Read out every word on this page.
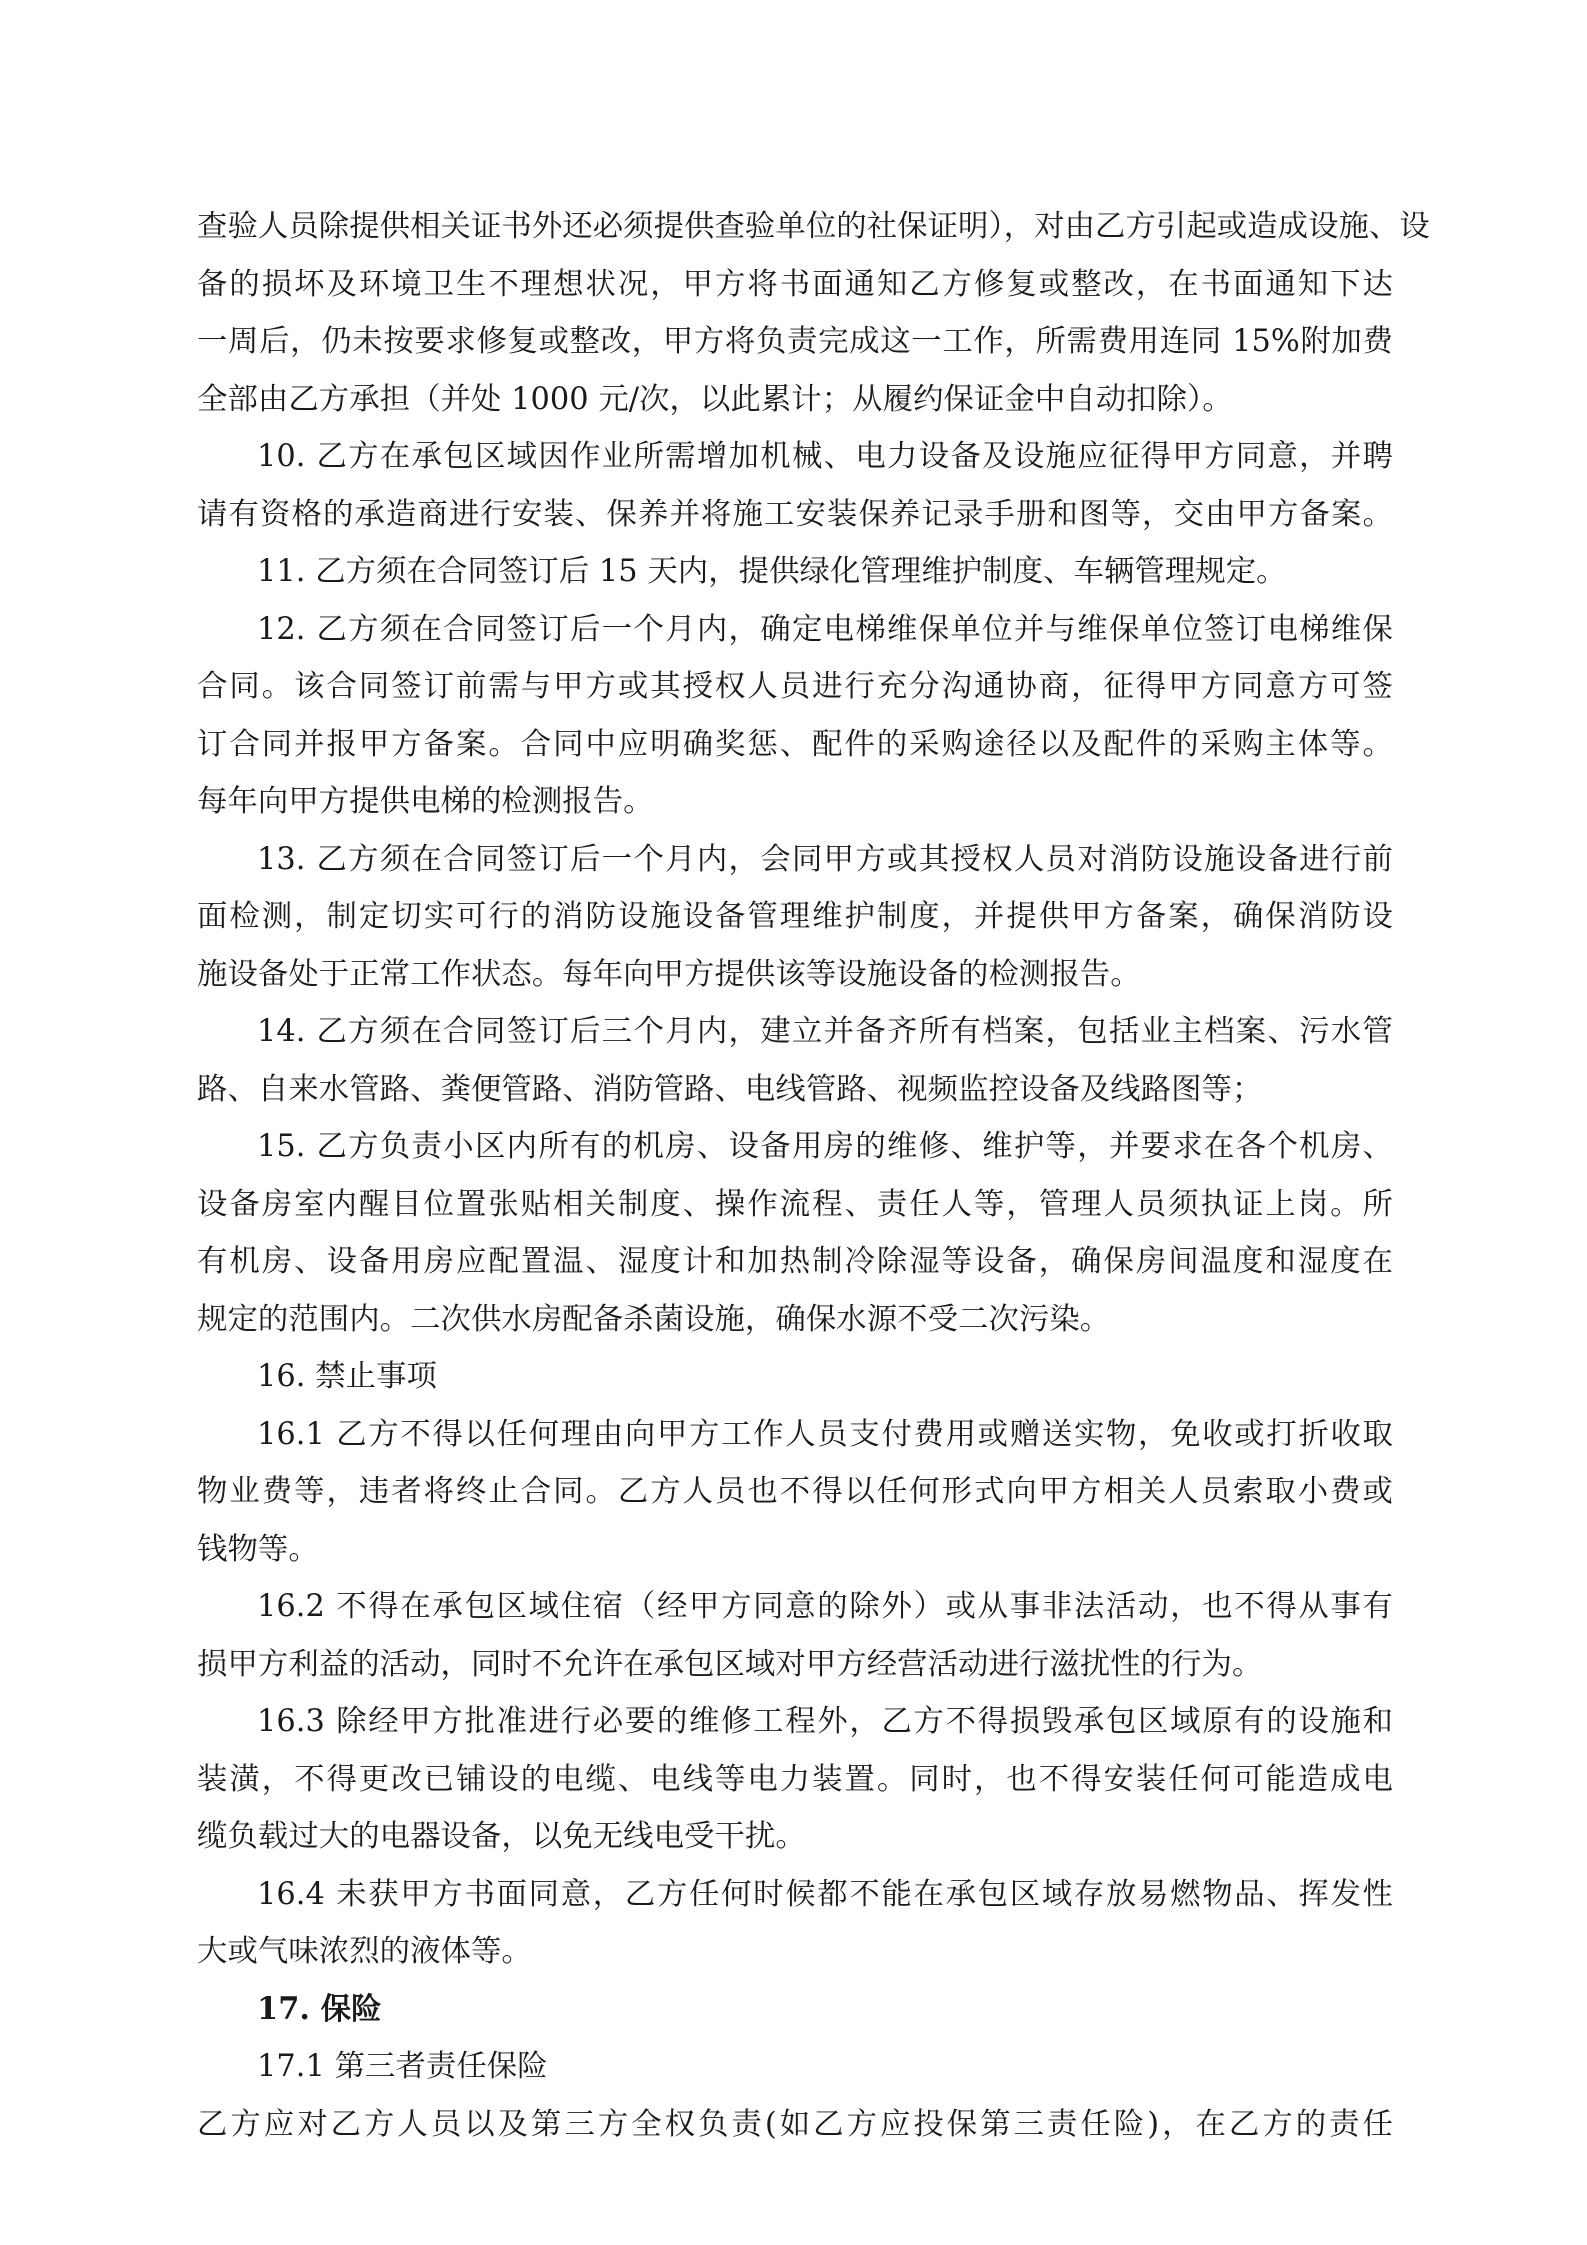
查验人员除提供相关证书外还必须提供查验单位的社保证明），对由乙方引起或造成设施、设
备的损坏及环境卫生不理想状况，甲方将书面通知乙方修复或整改，在书面通知下达
一周后，仍未按要求修复或整改，甲方将负责完成这一工作，所需费用连同 15%附加费
全部由乙方承担（并处 1000 元/次，以此累计；从履约保证金中自动扣除）。
10. 乙方在承包区域因作业所需增加机械、电力设备及设施应征得甲方同意，并聘
请有资格的承造商进行安装、保养并将施工安装保养记录手册和图等，交由甲方备案。
11. 乙方须在合同签订后 15 天内，提供绿化管理维护制度、车辆管理规定。
12. 乙方须在合同签订后一个月内，确定电梯维保单位并与维保单位签订电梯维保
合同。该合同签订前需与甲方或其授权人员进行充分沟通协商，征得甲方同意方可签
订合同并报甲方备案。合同中应明确奖惩、配件的采购途径以及配件的采购主体等。
每年向甲方提供电梯的检测报告。
13. 乙方须在合同签订后一个月内，会同甲方或其授权人员对消防设施设备进行前
面检测，制定切实可行的消防设施设备管理维护制度，并提供甲方备案，确保消防设
施设备处于正常工作状态。每年向甲方提供该等设施设备的检测报告。
14. 乙方须在合同签订后三个月内，建立并备齐所有档案，包括业主档案、污水管
路、自来水管路、粪便管路、消防管路、电线管路、视频监控设备及线路图等；
15. 乙方负责小区内所有的机房、设备用房的维修、维护等，并要求在各个机房、
设备房室内醒目位置张贴相关制度、操作流程、责任人等，管理人员须执证上岗。所
有机房、设备用房应配置温、湿度计和加热制冷除湿等设备，确保房间温度和湿度在
规定的范围内。二次供水房配备杀菌设施，确保水源不受二次污染。
16. 禁止事项
16.1 乙方不得以任何理由向甲方工作人员支付费用或赠送实物，免收或打折收取
物业费等，违者将终止合同。乙方人员也不得以任何形式向甲方相关人员索取小费或
钱物等。
16.2 不得在承包区域住宿（经甲方同意的除外）或从事非法活动，也不得从事有
损甲方利益的活动，同时不允许在承包区域对甲方经营活动进行滋扰性的行为。
16.3 除经甲方批准进行必要的维修工程外，乙方不得损毁承包区域原有的设施和
装潢，不得更改已铺设的电缆、电线等电力装置。同时，也不得安装任何可能造成电
缆负载过大的电器设备，以免无线电受干扰。
16.4 未获甲方书面同意，乙方任何时候都不能在承包区域存放易燃物品、挥发性
大或气味浓烈的液体等。
17. 保险
17.1 第三者责任保险
乙方应对乙方人员以及第三方全权负责(如乙方应投保第三责任险)，在乙方的责任
